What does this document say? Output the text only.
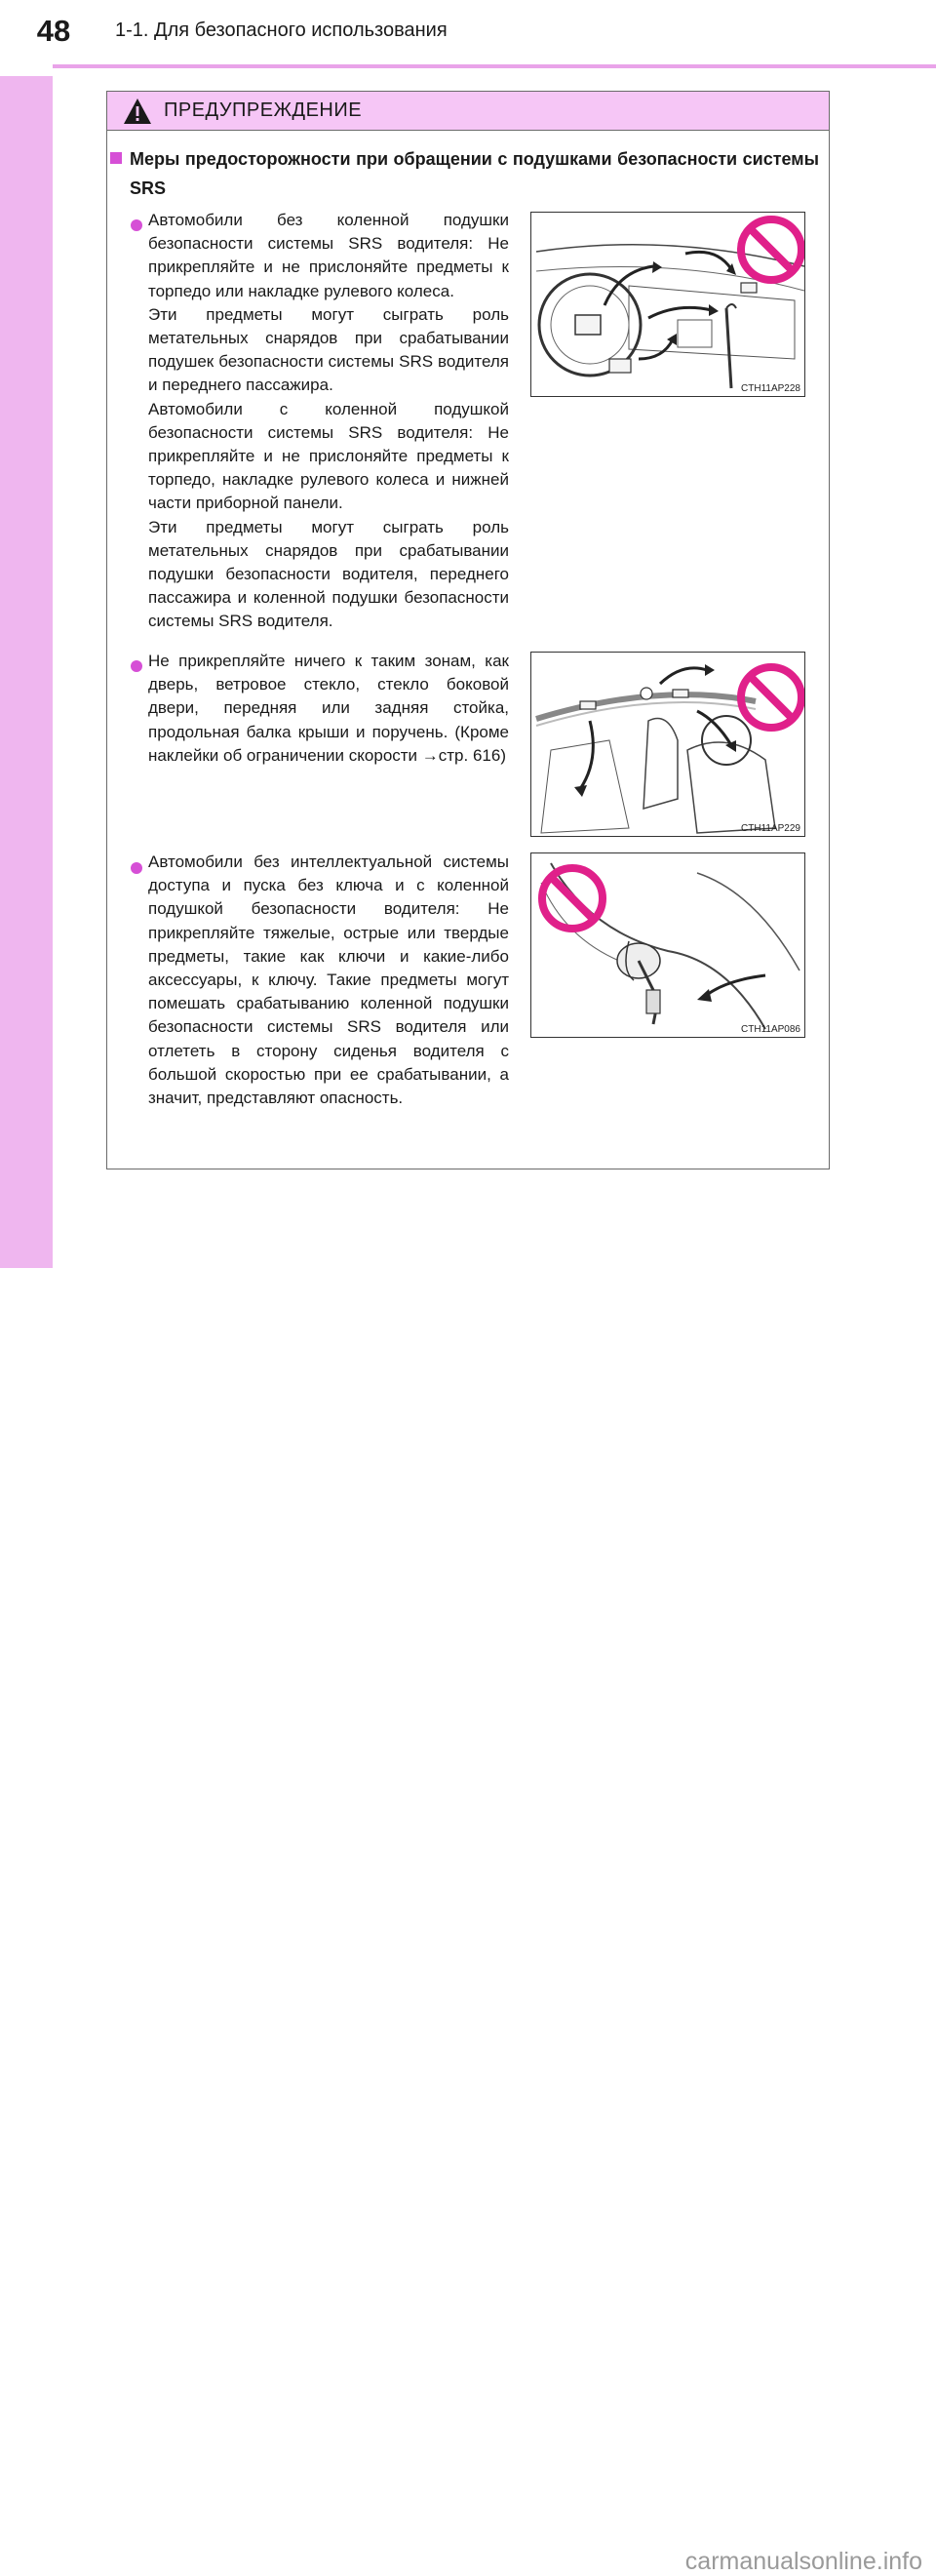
48	1-1. Для безопасного использования
ПРЕДУПРЕЖДЕНИЕ

Меры предосторожности при обращении с подушками безопасности системы SRS

Автомобили без коленной подушки безопасности системы SRS водителя: Не прикрепляйте и не прислоняйте предметы к торпедо или накладке рулевого колеса.

Эти предметы могут сыграть роль метательных снарядов при срабатывании подушек безопасности системы SRS водителя и переднего пассажира.

Автомобили с коленной подушкой безопасности системы SRS водителя: Не прикрепляйте и не прислоняйте предметы к торпедо, накладке рулевого колеса и нижней части приборной панели.

Эти предметы могут сыграть роль метательных снарядов при срабатывании подушки безопасности водителя, переднего пассажира и коленной подушки безопасности системы SRS водителя.

CTH11AP228

Не прикрепляйте ничего к таким зонам, как дверь, ветровое стекло, стекло боковой двери, передняя или задняя стойка, продольная балка крыши и поручень. (Кроме наклейки об ограничении скорости →стр. 616)

CTH11AP229

Автомобили без интеллектуальной системы доступа и пуска без ключа и с коленной подушкой безопасности водителя: Не прикрепляйте тяжелые, острые или твердые предметы, такие как ключи и какие-либо аксессуары, к ключу. Такие предметы могут помешать срабатыванию коленной подушки безопасности системы SRS водителя или отлететь в сторону сиденья водителя с большой скоростью при ее срабатывании, а значит, представляют опасность.

CTH11AP086
carmanualsonline.info
